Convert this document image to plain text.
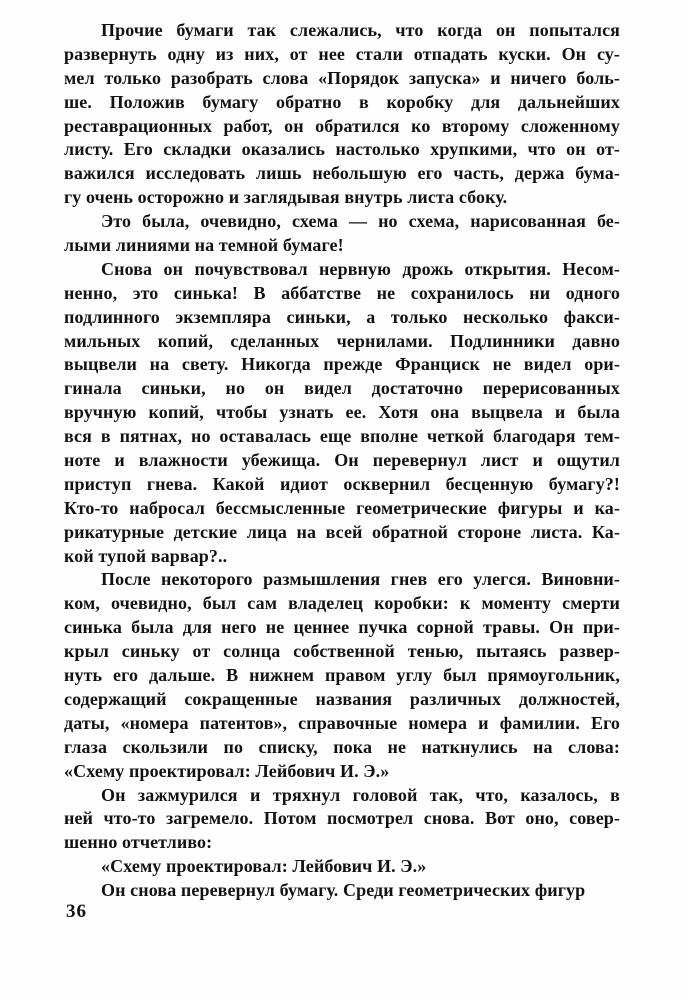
Прочие бумаги так слежались, что когда он попытался
развернуть одну из них, от нее стали отпадать куски. Он су-
мел только разобрать слова «Порядок запуска» и ничего боль-
ше. Положив бумагу обратно в коробку для дальнейших
реставрационных работ, он обратился ко второму сложенному
листу. Его складки оказались настолько хрупкими, что он от-
важился исследовать лишь небольшую его часть, держа бума-
гу очень осторожно и заглядывая внутрь листа сбоку.
Это была, очевидно, схема — но схема, нарисованная бе-
лыми линиями на темной бумаге!
Снова он почувствовал нервную дрожь открытия. Несом-
ненно, это синька! В аббатстве не сохранилось ни одного
подлинного экземпляра синьки, а только несколько факси-
мильных копий, сделанных чернилами. Подлинники давно
выцвели на свету. Никогда прежде Франциск не видел ори-
гинала синьки, но он видел достаточно перерисованных
вручную копий, чтобы узнать ее. Хотя она выцвела и была
вся в пятнах, но оставалась еще вполне четкой благодаря тем-
ноте и влажности убежища. Он перевернул лист и ощутил
приступ гнева. Какой идиот осквернил бесценную бумагу?!
Кто-то набросал бессмысленные геометрические фигуры и ка-
рикатурные детские лица на всей обратной стороне листа. Ка-
кой тупой варвар?..
После некоторого размышления гнев его улегся. Виновни-
ком, очевидно, был сам владелец коробки: к моменту смерти
синька была для него не ценнее пучка сорной травы. Он при-
крыл синьку от солнца собственной тенью, пытаясь развер-
нуть его дальше. В нижнем правом углу был прямоугольник,
содержащий сокращенные названия различных должностей,
даты, «номера патентов», справочные номера и фамилии. Его
глаза скользили по списку, пока не наткнулись на слова:
«Схему проектировал: Лейбович И. Э.»
Он зажмурился и тряхнул головой так, что, казалось, в
ней что-то загремело. Потом посмотрел снова. Вот оно, совер-
шенно отчетливо:
«Схему проектировал: Лейбович И. Э.»
Он снова перевернул бумагу. Среди геометрических фигур
36
